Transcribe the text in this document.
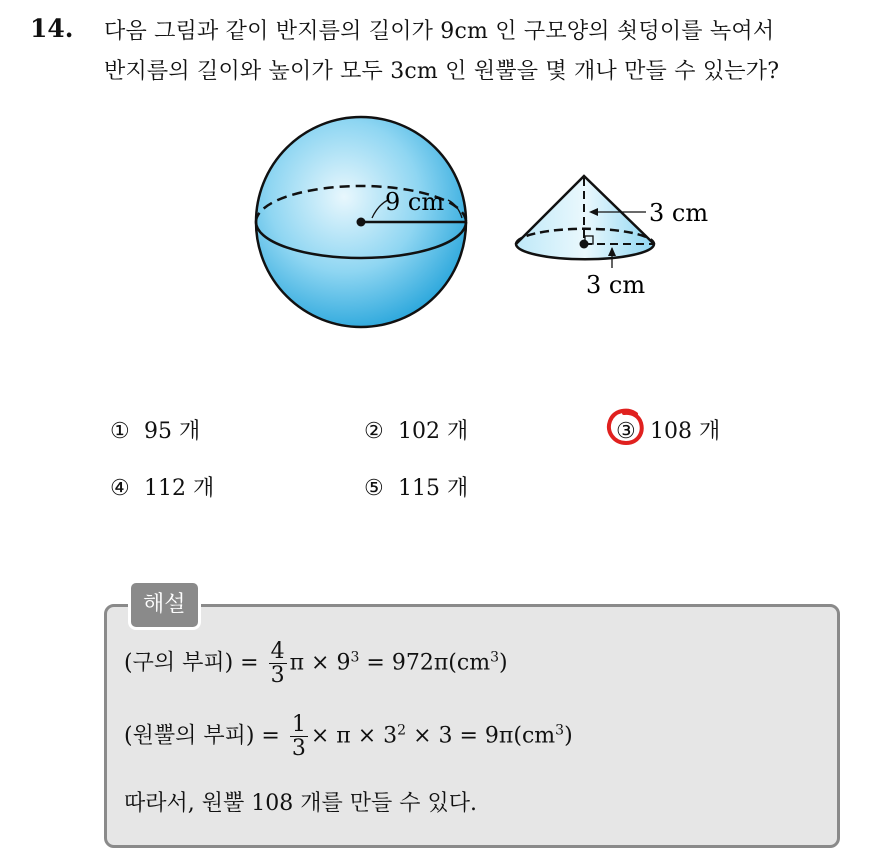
14. 다음 그림과 같이 반지름의 길이가 9cm 인 구모양의 쇳덩이를 녹여서
반지름의 길이와 높이가 모두 3cm 인 원뿔을 몇 개나 만들 수 있는가?
9 cm	3 cm
3 cm
① 95 개	② 102 개	③ 108 개
④ 112 개	⑤ 115 개
해설
(구의 부피) = $\frac{4}{3}$ $\pi \times 9^3 = 972\pi(cm^3)$
(원뿔의 부피) = $\frac{1}{3} \times \pi \times 3^2 \times 3 = 9\pi(cm^3)$
따라서, 원뿔 108 개를 만들 수 있다.
